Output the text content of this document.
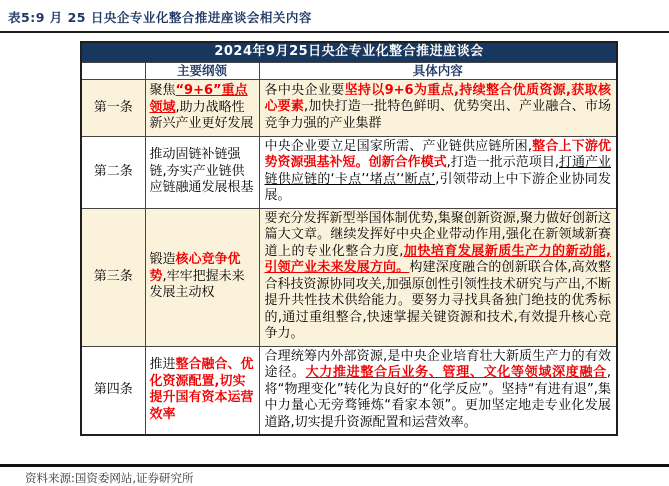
表5:9 月 25 日央企专业化整合推进座谈会相关内容
2024年9月25日央企专业化整合推进座谈会		
	主要纲领	具体内容
第一条	聚焦“9+6”重点领域,助力战略性新兴产业更好发展	各中央企业要坚持以9+6为重点,持续整合优质资源,获取核心要素,加快打造一批特色鲜明、优势突出、产业融合、市场竞争力强的产业集群
第二条	推动固链补链强链,夯实产业链供应链融通发展根基	中央企业要立足国家所需、产业链供应链所困,整合上下游优势资源强基补短。创新合作模式,打造一批示范项目,打通产业链供应链的‘卡点’‘堵点’‘断点’,引领带动上中下游企业协同发展。
第三条	锻造核心竞争优势,牢牢把握未来发展主动权	要充分发挥新型举国体制优势,集聚创新资源,聚力做好创新这篇大文章。继续发挥好中央企业带动作用,强化在新领域新赛道上的专业化整合力度,加快培育发展新质生产力的新动能,引领产业未来发展方向。构建深度融合的创新联合体,高效整合科技资源协同攻关,加强原创性引领性技术研究与产出,不断提升共性技术供给能力。要努力寻找具备独门绝技的优秀标的,通过重组整合,快速掌握关键资源和技术,有效提升核心竞争力。
第四条	推进整合融合、优化资源配置,切实提升国有资本运营效率	合理统筹内外部资源,是中央企业培育壮大新质生产力的有效途径。大力推进整合后业务、管理、文化等领域深度融合,将“物理变化”转化为良好的“化学反应”。坚持“有进有退”,集中力量心无旁骛锤炼“看家本领”。更加坚定地走专业化发展道路,切实提升资源配置和运营效率。
资料来源:国资委网站,证券研究所
